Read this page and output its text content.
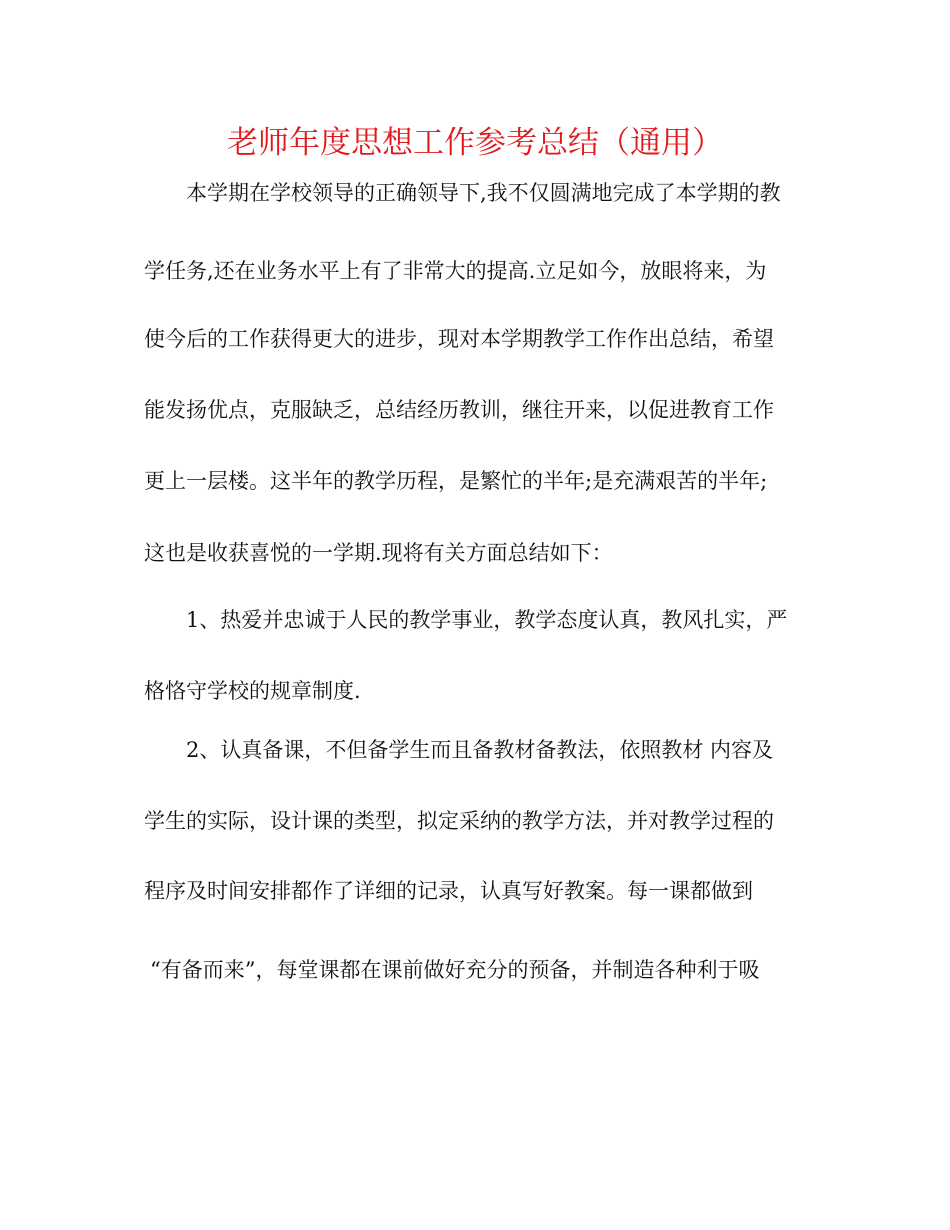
老师年度思想工作参考总结（通用）
本学期在学校领导的正确领导下,我不仅圆满地完成了本学期的教
学任务,还在业务水平上有了非常大的提高.立足如今，放眼将来，为
使今后的工作获得更大的进步，现对本学期教学工作作出总结，希望
能发扬优点，克服缺乏，总结经历教训，继往开来，以促进教育工作
更上一层楼。这半年的教学历程，是繁忙的半年;是充满艰苦的半年;
这也是收获喜悦的一学期.现将有关方面总结如下：
1、热爱并忠诚于人民的教学事业，教学态度认真，教风扎实，严
格恪守学校的规章制度.
2、认真备课，不但备学生而且备教材备教法，依照教材 内容及
学生的实际，设计课的类型，拟定采纳的教学方法，并对教学过程的
程序及时间安排都作了详细的记录，认真写好教案。每一课都做到
“有备而来”，每堂课都在课前做好充分的预备，并制造各种利于吸
